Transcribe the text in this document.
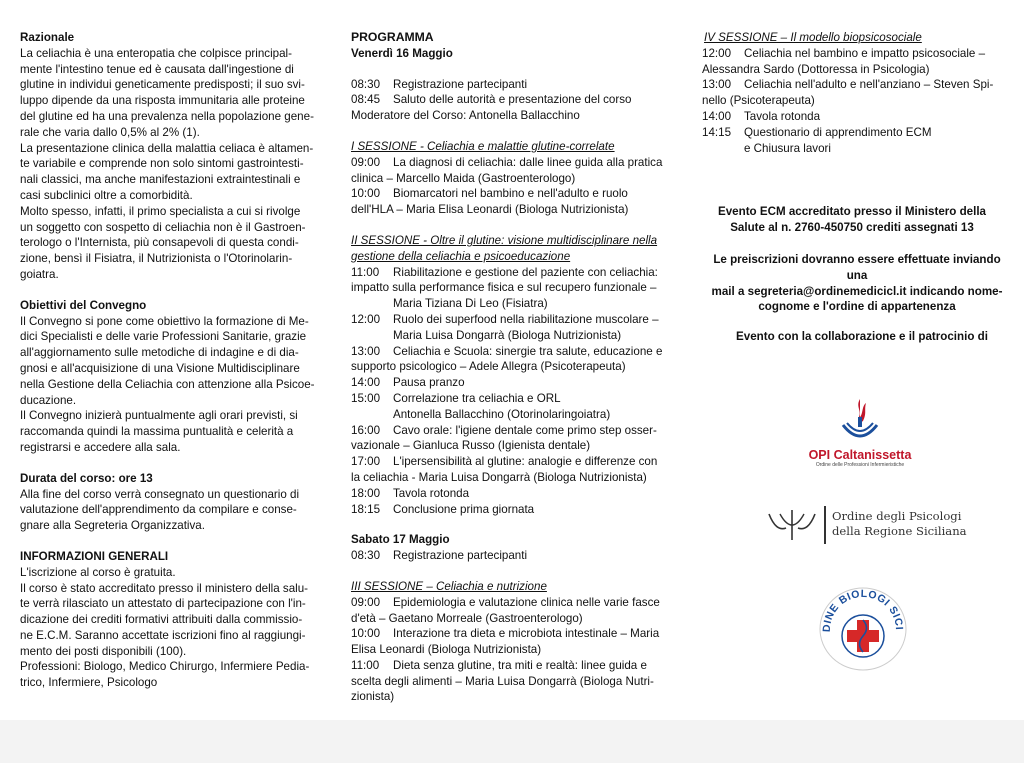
Razionale
La celiachia è una enteropatia che colpisce principal-
mente l'intestino tenue ed è causata dall'ingestione di
glutine in individui geneticamente predisposti; il suo svi-
luppo dipende da una risposta immunitaria alle proteine
del glutine ed ha una prevalenza nella popolazione gene-
rale che varia dallo 0,5% al 2% (1).
La presentazione clinica della malattia celiaca è altamen-
te variabile e comprende non solo sintomi gastrointesti-
nali classici, ma anche manifestazioni extraintestinali e
casi subclinici oltre a comorbidità.
Molto spesso, infatti, il primo specialista a cui si rivolge
un soggetto con sospetto di celiachia non è il Gastroen-
terologo o l'Internista, più consapevoli di questa condi-
zione, bensì il Fisiatra, il Nutrizionista o l'Otorinolarin-
goiatra.
Obiettivi del Convegno
Il Convegno si pone come obiettivo la formazione di Me-
dici Specialisti e delle varie Professioni Sanitarie, grazie
all'aggiornamento sulle metodiche di indagine e di dia-
gnosi e all'acquisizione di una Visione Multidisciplinare
nella Gestione della Celiachia con attenzione alla Psicoe-
ducazione.
Il Convegno inizierà puntualmente agli orari previsti, si
raccomanda quindi la massima puntualità e celerità a
registrarsi e accedere alla sala.
Durata del corso: ore 13
Alla fine del corso verrà consegnato un questionario di
valutazione dell'apprendimento da compilare e conse-
gnare alla Segreteria Organizzativa.
INFORMAZIONI GENERALI
L'iscrizione al corso è gratuita.
Il corso è stato accreditato presso il ministero della salu-
te verrà rilasciato un attestato di partecipazione con l'in-
dicazione dei crediti formativi attribuiti dalla commissio-
ne E.C.M. Saranno accettate iscrizioni fino al raggiungi-
mento dei posti disponibili (100).
Professioni: Biologo, Medico Chirurgo, Infermiere Pedia-
trico, Infermiere, Psicologo
PROGRAMMA
Venerdì 16 Maggio
08:30	Registrazione partecipanti
08:45	Saluto delle autorità e presentazione del corso
Moderatore del Corso: Antonella Ballacchino
I SESSIONE - Celiachia e malattie glutine-correlate
09:00	La diagnosi di celiachia: dalle linee guida alla pratica
clinica – Marcello Maida (Gastroenterologo)
10:00	Biomarcatori nel bambino e nell'adulto e ruolo
dell'HLA – Maria Elisa Leonardi (Biologa Nutrizionista)
II SESSIONE - Oltre il glutine: visione multidisciplinare nella
gestione della celiachia e psicoeducazione
11:00	Riabilitazione e gestione del paziente con celiachia:
impatto sulla performance fisica e sul recupero funzionale –
Maria Tiziana Di Leo (Fisiatra)
12:00	Ruolo dei superfood nella riabilitazione muscolare –
Maria Luisa Dongarrà (Biologa Nutrizionista)
13:00	Celiachia e Scuola: sinergie tra salute, educazione e
supporto psicologico – Adele Allegra (Psicoterapeuta)
14:00	Pausa pranzo
15:00	Correlazione tra celiachia e ORL
Antonella Ballacchino (Otorinolaringoiatra)
16:00	Cavo orale: l'igiene dentale come primo step osser-
vazionale – Gianluca Russo (Igienista dentale)
17:00	L'ipersensibilità al glutine: analogie e differenze con
la celiachia - Maria Luisa Dongarrà (Biologa Nutrizionista)
18:00	Tavola rotonda
18:15	Conclusione prima giornata
Sabato 17 Maggio
08:30	Registrazione partecipanti
III SESSIONE – Celiachia e nutrizione
09:00	Epidemiologia e valutazione clinica nelle varie fasce
d'età – Gaetano Morreale (Gastroenterologo)
10:00	Interazione tra dieta e microbiota intestinale – Maria
Elisa Leonardi (Biologa Nutrizionista)
11:00	Dieta senza glutine, tra miti e realtà: linee guida e
scelta degli alimenti – Maria Luisa Dongarrà (Biologa Nutri-
zionista)
IV SESSIONE – Il modello biopsicosociale
12:00	Celiachia nel bambino e impatto psicosociale –
Alessandra Sardo (Dottoressa in Psicologia)
13:00	Celiachia nell'adulto e nell'anziano – Steven Spi-
nello (Psicoterapeuta)
14:00	Tavola rotonda
14:15	Questionario di apprendimento ECM
e Chiusura lavori
Evento ECM accreditato presso il Ministero della
Salute al n. 2760-450750 crediti assegnati 13
Le preiscrizioni dovranno essere effettuate inviando una
mail a segreteria@ordinemedicicl.it indicando nome-
cognome e l'ordine di appartenenza
Evento con la collaborazione e il patrocinio di
OPI Caltanissetta
Ordine delle Professioni Infermieristiche
Ordine degli Psicologi
della Regione Siciliana
DINE BIOLOGI SICI
